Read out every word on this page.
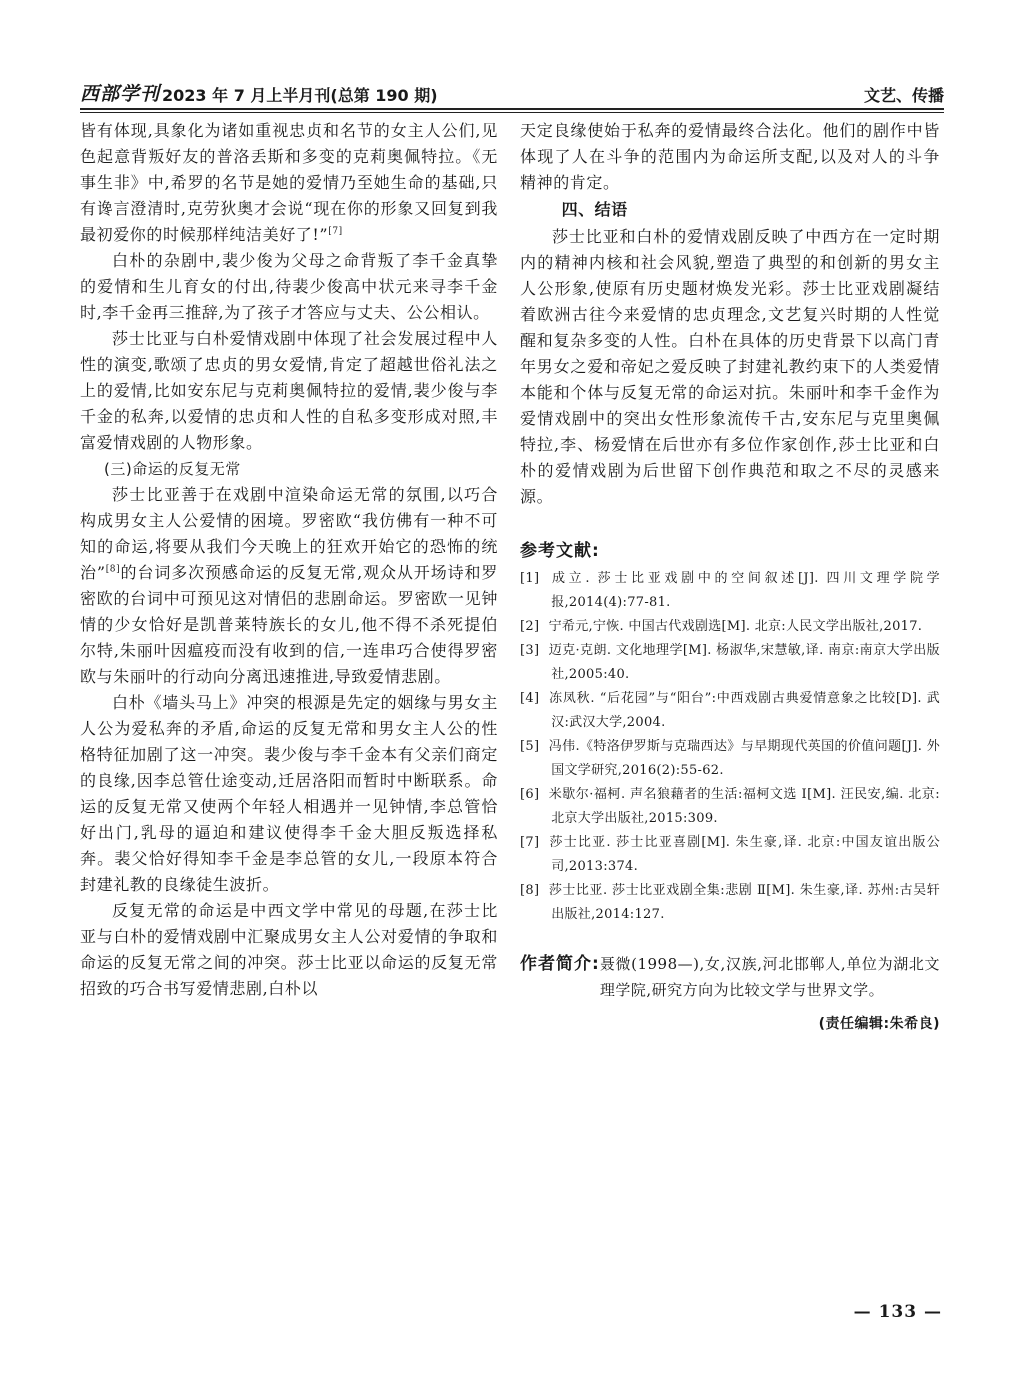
西部学刊 2023 年 7 月上半月刊(总第 190 期)	文艺、传播

皆有体现,具象化为诸如重视忠贞和名节的女主人公们,见色起意背叛好友的普洛丢斯和多变的克莉奥佩特拉。《无事生非》中,希罗的名节是她的爱情乃至她生命的基础,只有谗言澄清时,克劳狄奥才会说“现在你的形象又回复到我最初爱你的时候那样纯洁美好了!”[7]

白朴的杂剧中,裴少俊为父母之命背叛了李千金真挚的爱情和生儿育女的付出,待裴少俊高中状元来寻李千金时,李千金再三推辞,为了孩子才答应与丈夫、公公相认。

莎士比亚与白朴爱情戏剧中体现了社会发展过程中人性的演变,歌颂了忠贞的男女爱情,肯定了超越世俗礼法之上的爱情,比如安东尼与克莉奥佩特拉的爱情,裴少俊与李千金的私奔,以爱情的忠贞和人性的自私多变形成对照,丰富爱情戏剧的人物形象。

(三)命运的反复无常

莎士比亚善于在戏剧中渲染命运无常的氛围,以巧合构成男女主人公爱情的困境。罗密欧“我仿佛有一种不可知的命运,将要从我们今天晚上的狂欢开始它的恐怖的统治”[8]的台词多次预感命运的反复无常,观众从开场诗和罗密欧的台词中可预见这对情侣的悲剧命运。罗密欧一见钟情的少女恰好是凯普莱特族长的女儿,他不得不杀死提伯尔特,朱丽叶因瘟疫而没有收到的信,一连串巧合使得罗密欧与朱丽叶的行动向分离迅速推进,导致爱情悲剧。

白朴《墙头马上》冲突的根源是先定的姻缘与男女主人公为爱私奔的矛盾,命运的反复无常和男女主人公的性格特征加剧了这一冲突。裴少俊与李千金本有父亲们商定的良缘,因李总管仕途变动,迁居洛阳而暂时中断联系。命运的反复无常又使两个年轻人相遇并一见钟情,李总管恰好出门,乳母的逼迫和建议使得李千金大胆反叛选择私奔。裴父恰好得知李千金是李总管的女儿,一段原本符合封建礼教的良缘徒生波折。

反复无常的命运是中西文学中常见的母题,在莎士比亚与白朴的爱情戏剧中汇聚成男女主人公对爱情的争取和命运的反复无常之间的冲突。莎士比亚以命运的反复无常招致的巧合书写爱情悲剧,白朴以

天定良缘使始于私奔的爱情最终合法化。他们的剧作中皆体现了人在斗争的范围内为命运所支配,以及对人的斗争精神的肯定。

四、结语

莎士比亚和白朴的爱情戏剧反映了中西方在一定时期内的精神内核和社会风貌,塑造了典型的和创新的男女主人公形象,使原有历史题材焕发光彩。莎士比亚戏剧凝结着欧洲古往今来爱情的忠贞理念,文艺复兴时期的人性觉醒和复杂多变的人性。白朴在具体的历史背景下以高门青年男女之爱和帝妃之爱反映了封建礼教约束下的人类爱情本能和个体与反复无常的命运对抗。朱丽叶和李千金作为爱情戏剧中的突出女性形象流传千古,安东尼与克里奥佩特拉,李、杨爱情在后世亦有多位作家创作,莎士比亚和白朴的爱情戏剧为后世留下创作典范和取之不尽的灵感来源。

参考文献:

[1] 成立. 莎士比亚戏剧中的空间叙述[J]. 四川文理学院学报,2014(4):77-81.

[2] 宁希元,宁恢. 中国古代戏剧选[M]. 北京:人民文学出版社,2017.

[3] 迈克·克朗. 文化地理学[M]. 杨淑华,宋慧敏,译. 南京:南京大学出版社,2005:40.

[4] 冻凤秋. “后花园”与“阳台”:中西戏剧古典爱情意象之比较[D]. 武汉:武汉大学,2004.

[5] 冯伟.《特洛伊罗斯与克瑞西达》与早期现代英国的价值问题[J]. 外国文学研究,2016(2):55-62.

[6] 米歇尔·福柯. 声名狼藉者的生活:福柯文选 Ⅰ[M]. 汪民安,编. 北京:北京大学出版社,2015:309.

[7] 莎士比亚. 莎士比亚喜剧[M]. 朱生豪,译. 北京:中国友谊出版公司,2013:374.

[8] 莎士比亚. 莎士比亚戏剧全集:悲剧 Ⅱ[M]. 朱生豪,译. 苏州:古吴轩出版社,2014:127.

作者简介: 聂微(1998—),女,汉族,河北邯郸人,单位为湖北文理学院,研究方向为比较文学与世界文学。
(责任编辑:朱希良)
— 133 —
